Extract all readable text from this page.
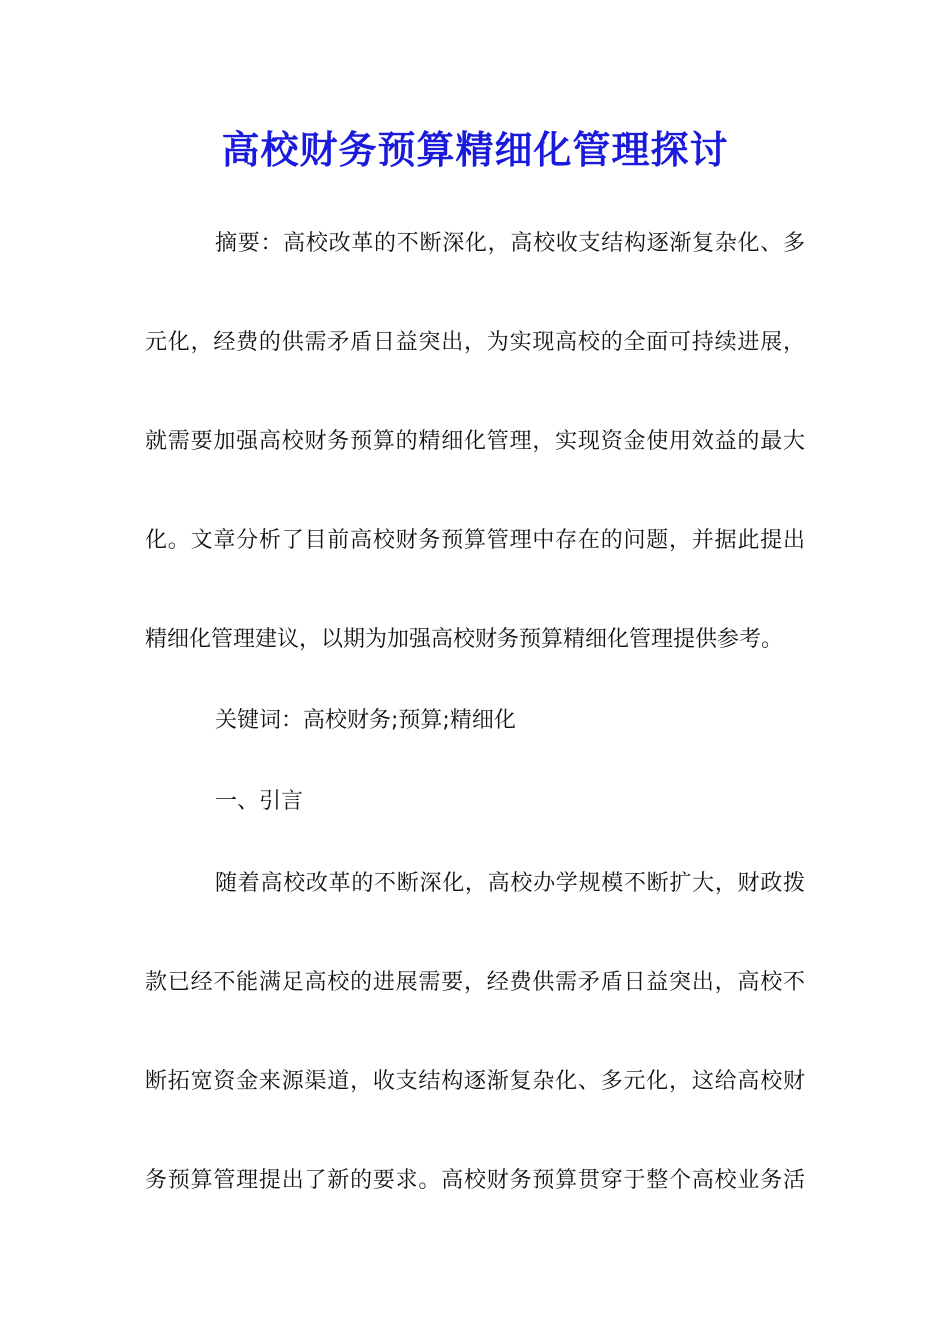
高校财务预算精细化管理探讨
摘要：高校改革的不断深化，高校收支结构逐渐复杂化、多
元化，经费的供需矛盾日益突出，为实现高校的全面可持续进展，
就需要加强高校财务预算的精细化管理，实现资金使用效益的最大
化。文章分析了目前高校财务预算管理中存在的问题，并据此提出
精细化管理建议，以期为加强高校财务预算精细化管理提供参考。
关键词：高校财务;预算;精细化
一、引言
随着高校改革的不断深化，高校办学规模不断扩大，财政拨
款已经不能满足高校的进展需要，经费供需矛盾日益突出，高校不
断拓宽资金来源渠道，收支结构逐渐复杂化、多元化，这给高校财
务预算管理提出了新的要求。高校财务预算贯穿于整个高校业务活
